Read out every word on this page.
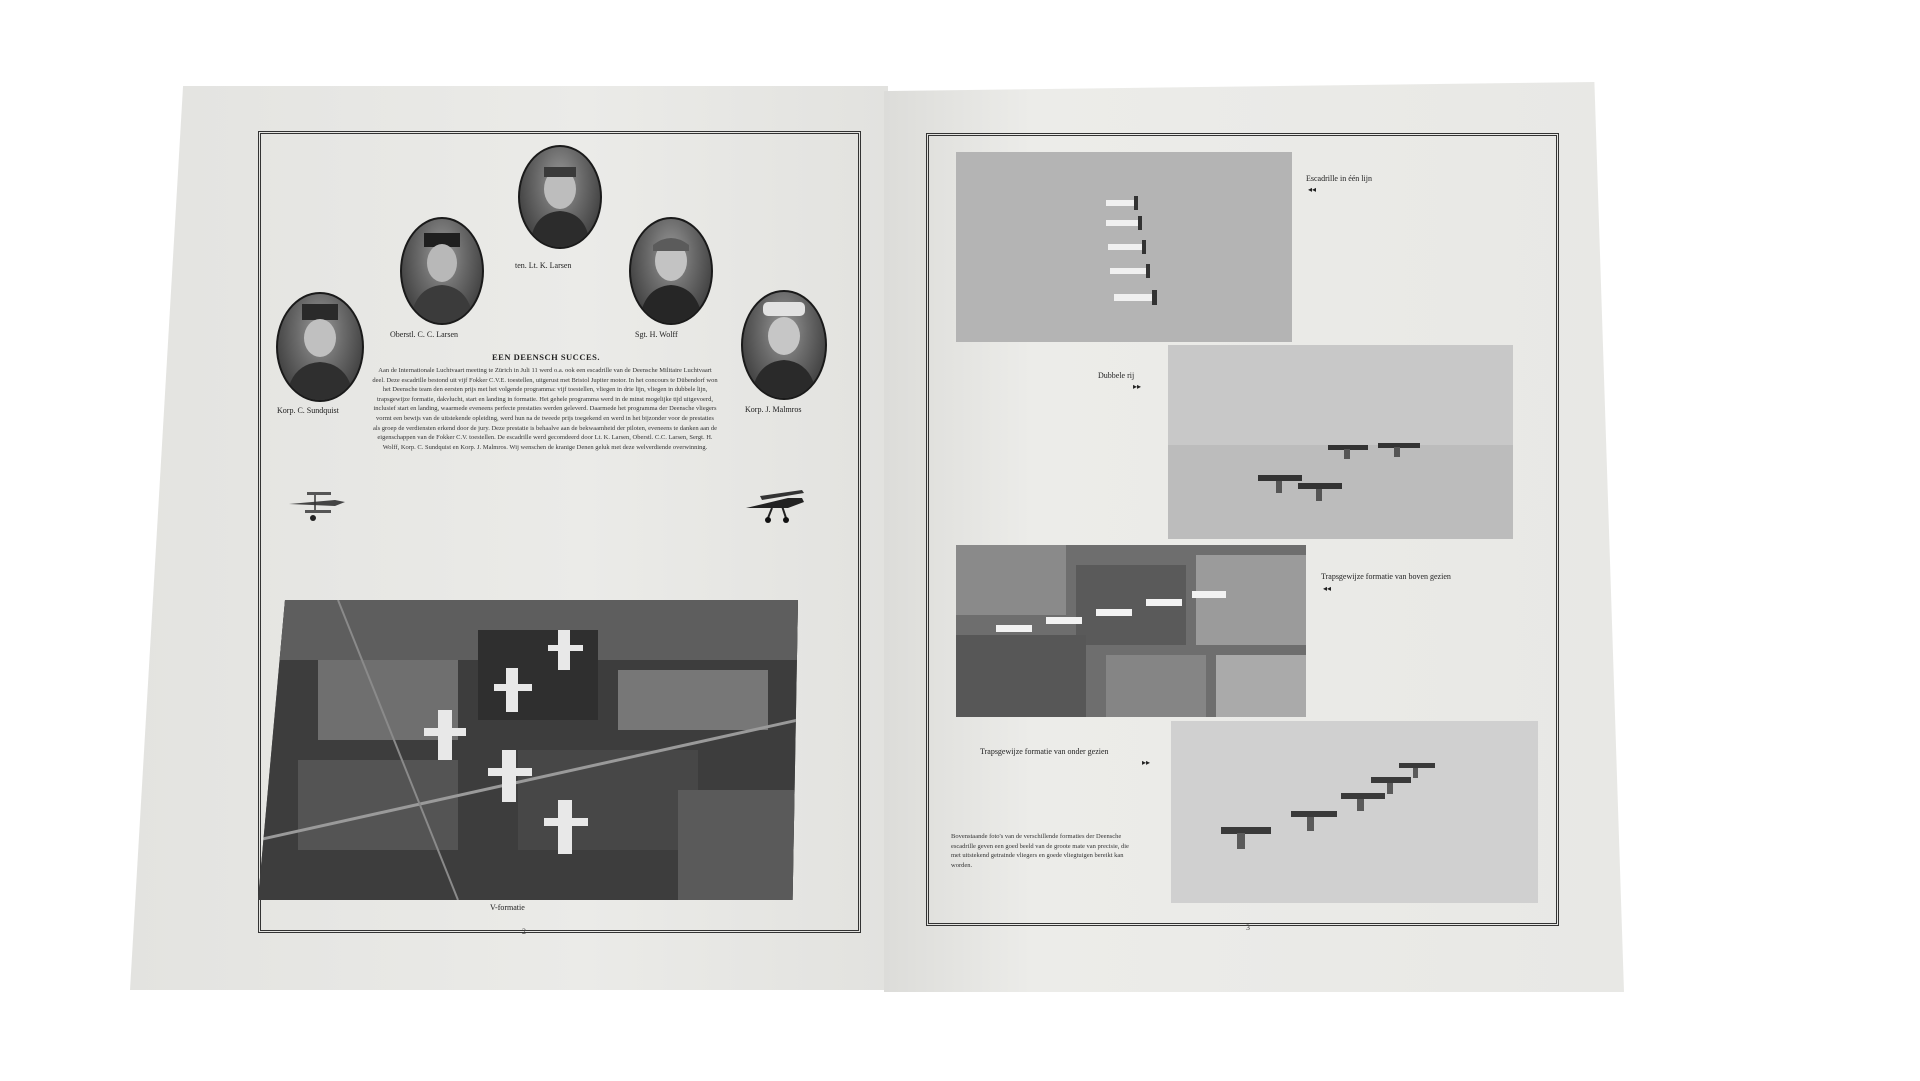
ten. Lt. K. Larsen
Oberstl. C. C. Larsen	Sgt. H. Wolff
Korp. C. Sundquist	Korp. J. Malmros
EEN DEENSCH SUCCES.
Aan de Internationale Luchtvaart meeting te Zürich in Juli 11 werd o.a. ook een escadrille van de Deensche Militaire Luchtvaart deel. Deze escadrille bestond uit vijf Fokker C.V.E. toestellen, uitgerust met Bristol Jupiter motor. In het concours te Dübendorf won het Deensche team den eersten prijs met het volgende programma: vijf toestellen, vliegen in drie lijn, vliegen in dubbele lijn, trapsgewijze formatie, dakvlucht, start en landing in formatie. Het gehele programma werd in de minst mogelijke tijd uitgevoerd, inclusief start en landing, waarmede eveneens perfecte prestaties werden geleverd. Daarmede het programma der Deensche vliegers vormt een bewijs van de uitstekende opleiding, werd hun na de tweede prijs toegekend en werd in het bijzonder voor de prestaties als groep de verdiensten erkend door de jury. Deze prestatie is behaalve aan de bekwaamheid der piloten, eveneens te danken aan de eigenschappen van de Fokker C.V. toestellen. De escadrille werd gecomdeerd door Lt. K. Larsen, Oberstl. C.C. Larsen, Sergt. H. Wolff, Korp. C. Sundquist en Korp. J. Malmros. Wij wenschen de kranige Denen geluk met deze welverdiende overwinning.
V-formatie
2
Escadrille in één lijn
◂◂
Dubbele rij
▸▸
Trapsgewijze formatie van boven gezien
◂◂
Trapsgewijze formatie van onder gezien
▸▸
Bovenstaande foto's van de verschillende formaties der Deensche escadrille geven een goed beeld van de groote mate van precisie, die met uitstekend getrainde vliegers en goede vliegtuigen bereikt kan worden.
3
